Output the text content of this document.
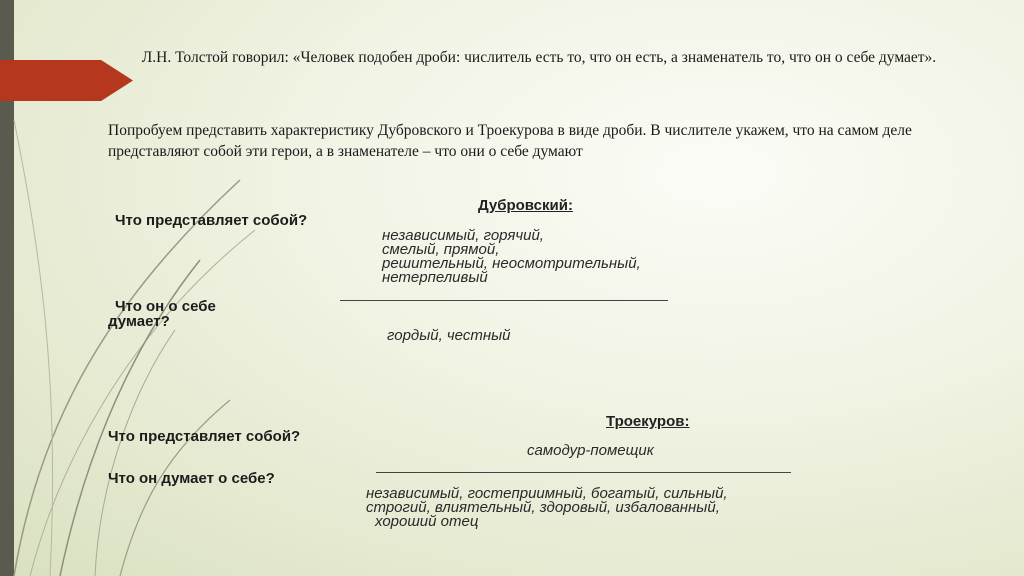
Л.Н. Толстой говорил: «Человек подобен дроби: числитель есть то, что он есть, а знаменатель то, что он о себе думает».
Попробуем представить характеристику Дубровского и Троекурова в виде дроби. В числителе укажем, что на самом деле представляют собой эти герои, а в знаменателе – что они о себе думают
Дубровский:
Что представляет собой?
независимый, горячий,
смелый, прямой,
решительный, неосмотрительный,
нетерпеливый
Что он о себе
думает?
гордый, честный
Троекуров:
Что представляет собой?
самодур-помещик
Что он думает о себе?
независимый, гостеприимный, богатый, сильный,
строгий, влиятельный, здоровый, избалованный,
хороший отец
